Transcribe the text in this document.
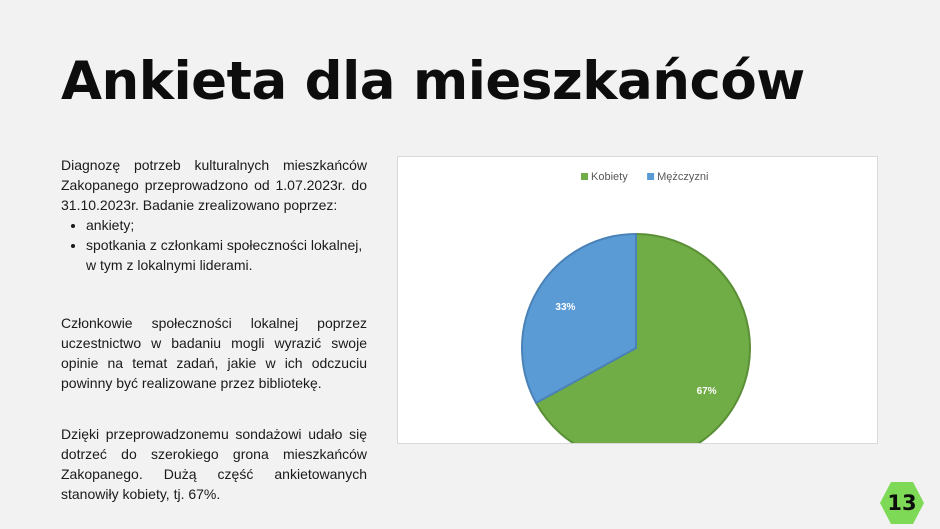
Ankieta dla mieszkańców

Diagnozę potrzeb kulturalnych mieszkańców Zakopanego przeprowadzono od 1.07.2023r. do 31.10.2023r. Badanie zrealizowano poprzez:

• ankiety;
• spotkania z członkami społeczności lokalnej, w tym z lokalnymi liderami.

Członkowie społeczności lokalnej poprzez uczestnictwo w badaniu mogli wyrazić swoje opinie na temat zadań, jakie w ich odczuciu powinny być realizowane przez bibliotekę.

Dzięki przeprowadzonemu sondażowi udało się dotrzeć do szerokiego grona mieszkańców Zakopanego. Dużą część ankietowanych stanowiły kobiety, tj. 67%.

Kobiety	Mężczyzni
67%
33%
13
